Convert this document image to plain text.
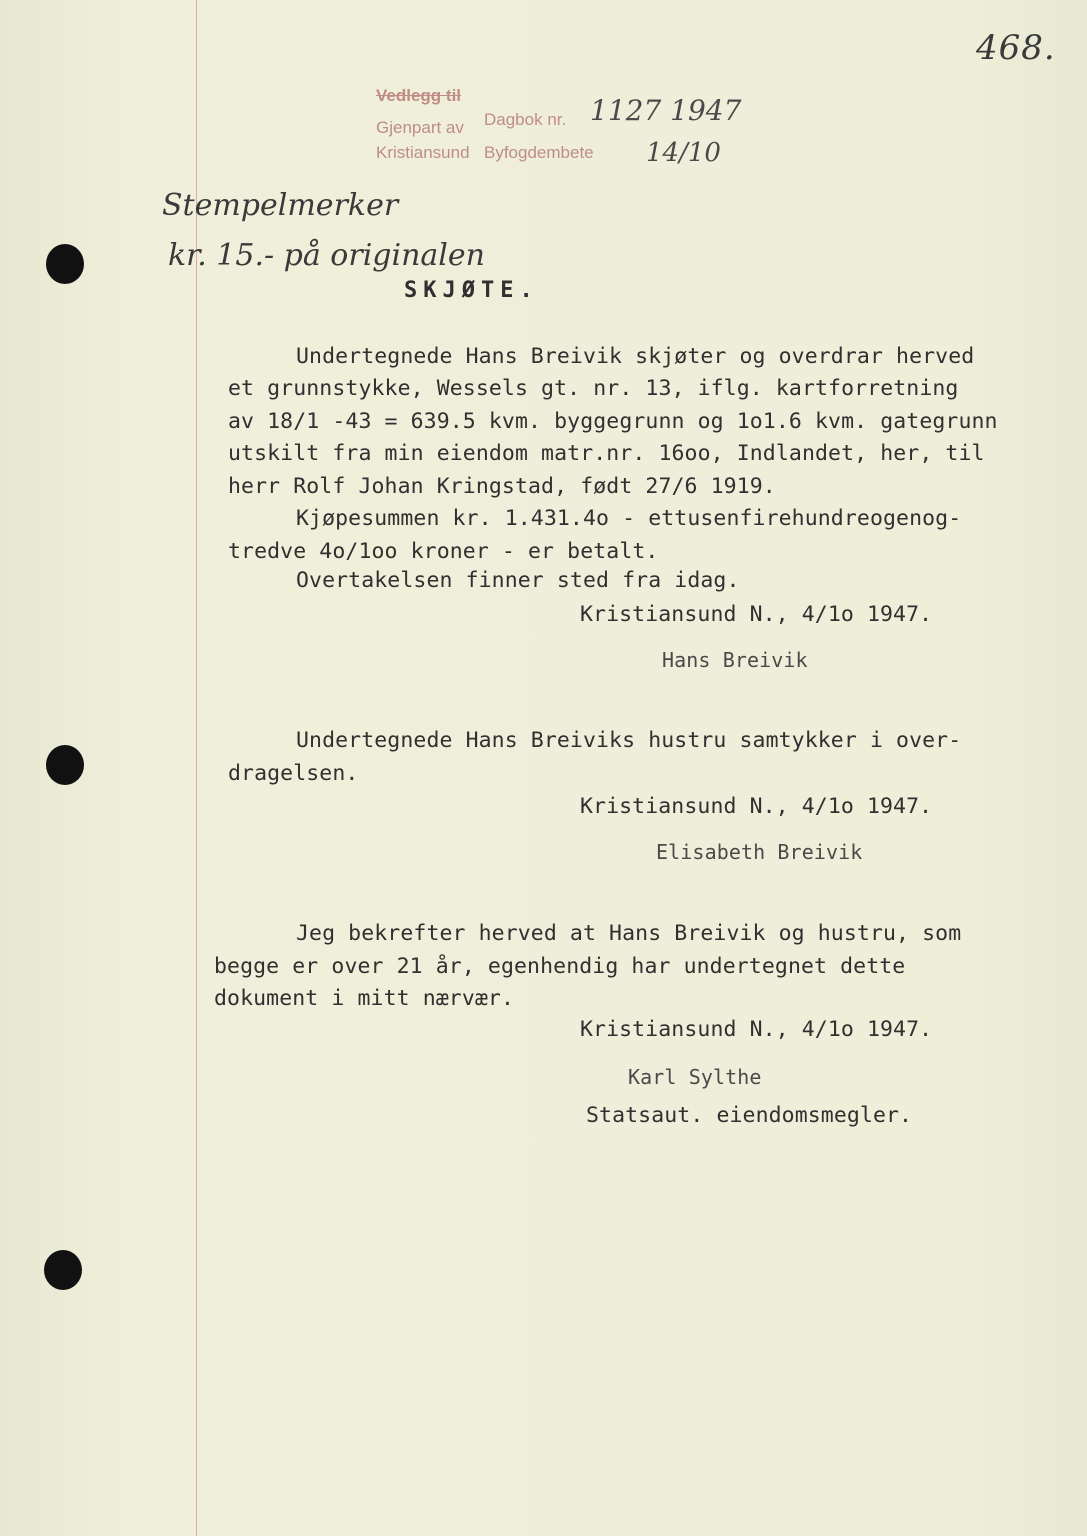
468.
Vedlegg til
Gjenpart av
Kristiansund
Dagbok nr.
Byfogdembete
1127 1947
14/10
Stempelmerker
kr. 15.- på originalen
SKJØTE.
Undertegnede Hans Breivik skjøter og overdrar herved
et grunnstykke, Wessels gt. nr. 13, iflg. kartforretning
av 18/1 -43 = 639.5 kvm. byggegrunn og 1o1.6 kvm. gategrunn
utskilt fra min eiendom matr.nr. 16oo, Indlandet, her, til
herr Rolf Johan Kringstad, født 27/6 1919.
Kjøpesummen kr. 1.431.4o - ettusenfirehundreogenog-
tredve 4o/1oo kroner - er betalt.
Overtakelsen finner sted fra idag.
Kristiansund N., 4/1o 1947.
Hans Breivik
Undertegnede Hans Breiviks hustru samtykker i over-
dragelsen.
Kristiansund N., 4/1o 1947.
Elisabeth Breivik
Jeg bekrefter herved at Hans Breivik og hustru, som
begge er over 21 år, egenhendig har undertegnet dette
dokument i mitt nærvær.
Kristiansund N., 4/1o 1947.
Karl Sylthe
Statsaut. eiendomsmegler.
